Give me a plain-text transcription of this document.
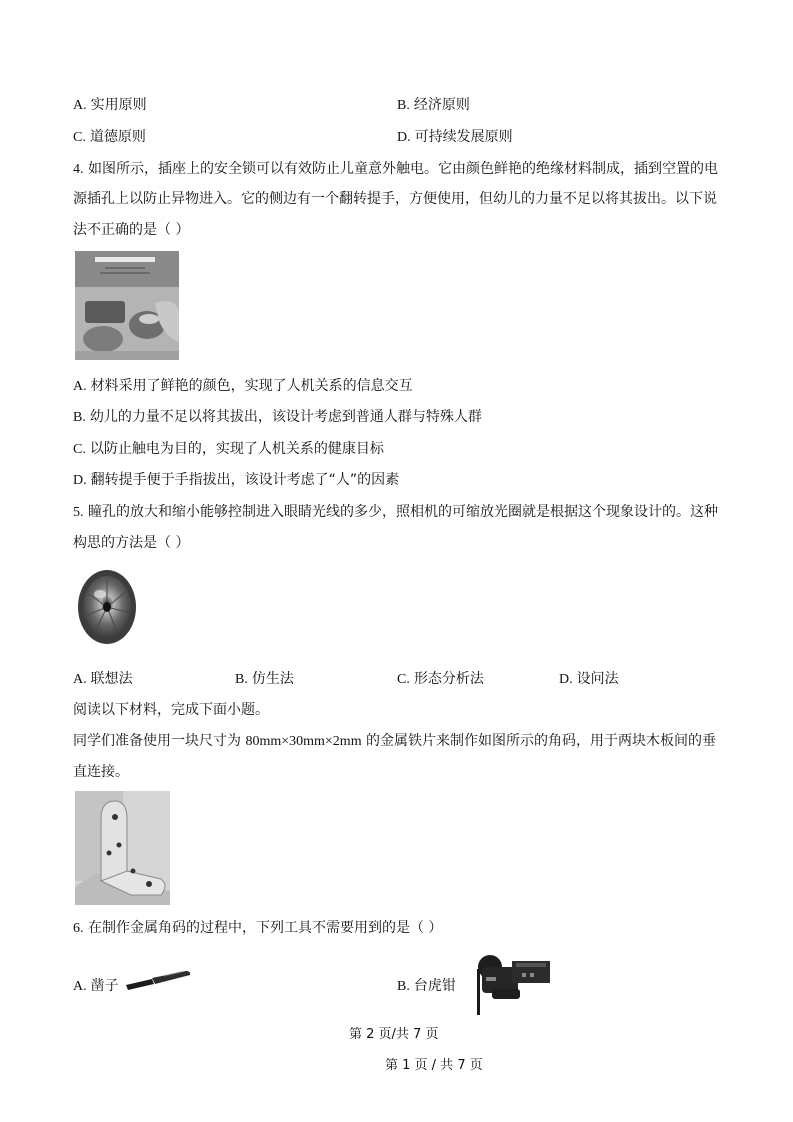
A. 实用原则	B. 经济原则
C. 道德原则	D. 可持续发展原则
4. 如图所示，插座上的安全锁可以有效防止儿童意外触电。它由颜色鲜艳的绝缘材料制成，插到空置的电
源插孔上以防止异物进入。它的侧边有一个翻转提手，方便使用，但幼儿的力量不足以将其拔出。以下说
法不正确的是（ ）
A. 材料采用了鲜艳的颜色，实现了人机关系的信息交互
B. 幼儿的力量不足以将其拔出，该设计考虑到普通人群与特殊人群
C. 以防止触电为目的，实现了人机关系的健康目标
D. 翻转提手便于手指拔出，该设计考虑了“人”的因素
5. 瞳孔的放大和缩小能够控制进入眼睛光线的多少，照相机的可缩放光圈就是根据这个现象设计的。这种
构思的方法是（ ）
A. 联想法	B. 仿生法	C. 形态分析法	D. 设问法
阅读以下材料，完成下面小题。
同学们准备使用一块尺寸为 80mm×30mm×2mm 的金属铁片来制作如图所示的角码，用于两块木板间的垂
直连接。
6. 在制作金属角码的过程中，下列工具不需要用到的是（ ）
A. 凿子	B. 台虎钳
第 2 页/共 7 页
第 1 页 / 共 7 页
